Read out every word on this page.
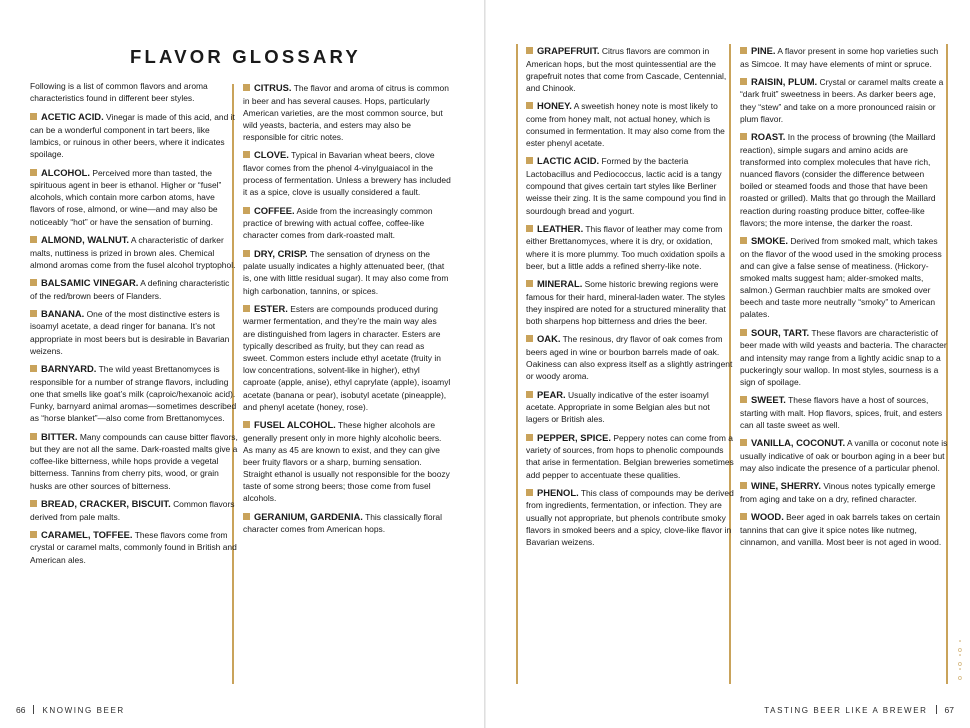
FLAVOR GLOSSARY

Following is a list of common flavors and aroma characteristics found in different beer styles.

ACETIC ACID. Vinegar is made of this acid, and it can be a wonderful component in tart beers, like lambics, or ruinous in other beers, where it indicates spoilage.

ALCOHOL. Perceived more than tasted, the spirituous agent in beer is ethanol. Higher or “fusel” alcohols, which contain more carbon atoms, have flavors of rose, almond, or wine—and may also be noticeably “hot” or have the sensation of burning.

ALMOND, WALNUT. A characteristic of darker malts, nuttiness is prized in brown ales. Chemical almond aromas come from the fusel alcohol tryptophol.

BALSAMIC VINEGAR. A defining characteristic of the red/brown beers of Flanders.

BANANA. One of the most distinctive esters is isoamyl acetate, a dead ringer for banana. It’s not appropriate in most beers but is desirable in Bavarian weizens.

BARNYARD. The wild yeast Brettanomyces is responsible for a number of strange flavors, including one that smells like goat’s milk (caproic/hexanoic acid). Funky, barnyard animal aromas—sometimes described as “horse blanket”—also come from Brettanomyces.

BITTER. Many compounds can cause bitter flavors, but they are not all the same. Dark-roasted malts give a coffee-like bitterness, while hops provide a vegetal bitterness. Tannins from cherry pits, wood, or grain husks are other sources of bitterness.

BREAD, CRACKER, BISCUIT. Common flavors derived from pale malts.

CARAMEL, TOFFEE. These flavors come from crystal or caramel malts, commonly found in British and American ales.

CITRUS. The flavor and aroma of citrus is common in beer and has several causes. Hops, particularly American varieties, are the most common source, but wild yeasts, bacteria, and esters may also be responsible for citric notes.

CLOVE. Typical in Bavarian wheat beers, clove flavor comes from the phenol 4-vinylguaiacol in the process of fermentation. Unless a brewery has included it as a spice, clove is usually considered a fault.

COFFEE. Aside from the increasingly common practice of brewing with actual coffee, coffee-like character comes from dark-roasted malt.

DRY, CRISP. The sensation of dryness on the palate usually indicates a highly attenuated beer, (that is, one with little residual sugar). It may also come from high carbonation, tannins, or spices.

ESTER. Esters are compounds produced during warmer fermentation, and they’re the main way ales are distinguished from lagers in character. Esters are typically described as fruity, but they can read as sweet. Common esters include ethyl acetate (fruity in low concentrations, solvent-like in higher), ethyl caproate (apple, anise), ethyl caprylate (apple), isoamyl acetate (banana or pear), isobutyl acetate (pineapple), and phenyl acetate (honey, rose).

FUSEL ALCOHOL. These higher alcohols are generally present only in more highly alcoholic beers. As many as 45 are known to exist, and they can give beer fruity flavors or a sharp, burning sensation. Straight ethanol is usually not responsible for the boozy taste of some strong beers; those come from fusel alcohols.

GERANIUM, GARDENIA. This classically floral character comes from American hops.

GRAPEFRUIT. Citrus flavors are common in American hops, but the most quintessential are the grapefruit notes that come from Cascade, Centennial, and Chinook.

HONEY. A sweetish honey note is most likely to come from honey malt, not actual honey, which is consumed in fermentation. It may also come from the ester phenyl acetate.

LACTIC ACID. Formed by the bacteria Lactobacillus and Pediococcus, lactic acid is a tangy compound that gives certain tart styles like Berliner weisse their zing. It is the same compound you find in sourdough bread and yogurt.

LEATHER. This flavor of leather may come from either Brettanomyces, where it is dry, or oxidation, where it is more plummy. Too much oxidation spoils a beer, but a little adds a refined sherry-like note.

MINERAL. Some historic brewing regions were famous for their hard, mineral-laden water. The styles they inspired are noted for a structured minerality that both sharpens hop bitterness and dries the beer.

OAK. The resinous, dry flavor of oak comes from beers aged in wine or bourbon barrels made of oak. Oakiness can also express itself as a slightly astringent or woody aroma.

PEAR. Usually indicative of the ester isoamyl acetate. Appropriate in some Belgian ales but not lagers or British ales.

PEPPER, SPICE. Peppery notes can come from a variety of sources, from hops to phenolic compounds that arise in fermentation. Belgian breweries sometimes add pepper to accentuate these qualities.

PHENOL. This class of compounds may be derived from ingredients, fermentation, or infection. They are usually not appropriate, but phenols contribute smoky flavors in smoked beers and a spicy, clove-like flavor in Bavarian weizens.

PINE. A flavor present in some hop varieties such as Simcoe. It may have elements of mint or spruce.

RAISIN, PLUM. Crystal or caramel malts create a “dark fruit” sweetness in beers. As darker beers age, they “stew” and take on a more pronounced raisin or plum flavor.

ROAST. In the process of browning (the Maillard reaction), simple sugars and amino acids are transformed into complex molecules that have rich, nuanced flavors (consider the difference between boiled or steamed foods and those that have been roasted or grilled). Malts that go through the Maillard reaction during roasting produce bitter, coffee-like flavors; the more intense, the darker the roast.

SMOKE. Derived from smoked malt, which takes on the flavor of the wood used in the smoking process and can give a false sense of meatiness. (Hickory-smoked malts suggest ham; alder-smoked malts, salmon.) German rauchbier malts are smoked over beech and taste more neutrally “smoky” to American palates.

SOUR, TART. These flavors are characteristic of beer made with wild yeasts and bacteria. The character and intensity may range from a lightly acidic snap to a puckeringly sour wallop. In most styles, sourness is a sign of spoilage.

SWEET. These flavors have a host of sources, starting with malt. Hop flavors, spices, fruit, and esters can all taste sweet as well.

VANILLA, COCONUT. A vanilla or coconut note is usually indicative of oak or bourbon aging in a beer but may also indicate the presence of a particular phenol.

WINE, SHERRY. Vinous notes typically emerge from aging and take on a dry, refined character.

WOOD. Beer aged in oak barrels takes on certain tannins that can give it spice notes like nutmeg, cinnamon, and vanilla. Most beer is not aged in wood.

66 KNOWING BEER	TASTING BEER LIKE A BREWER 67
°
o
°
o
°
o
